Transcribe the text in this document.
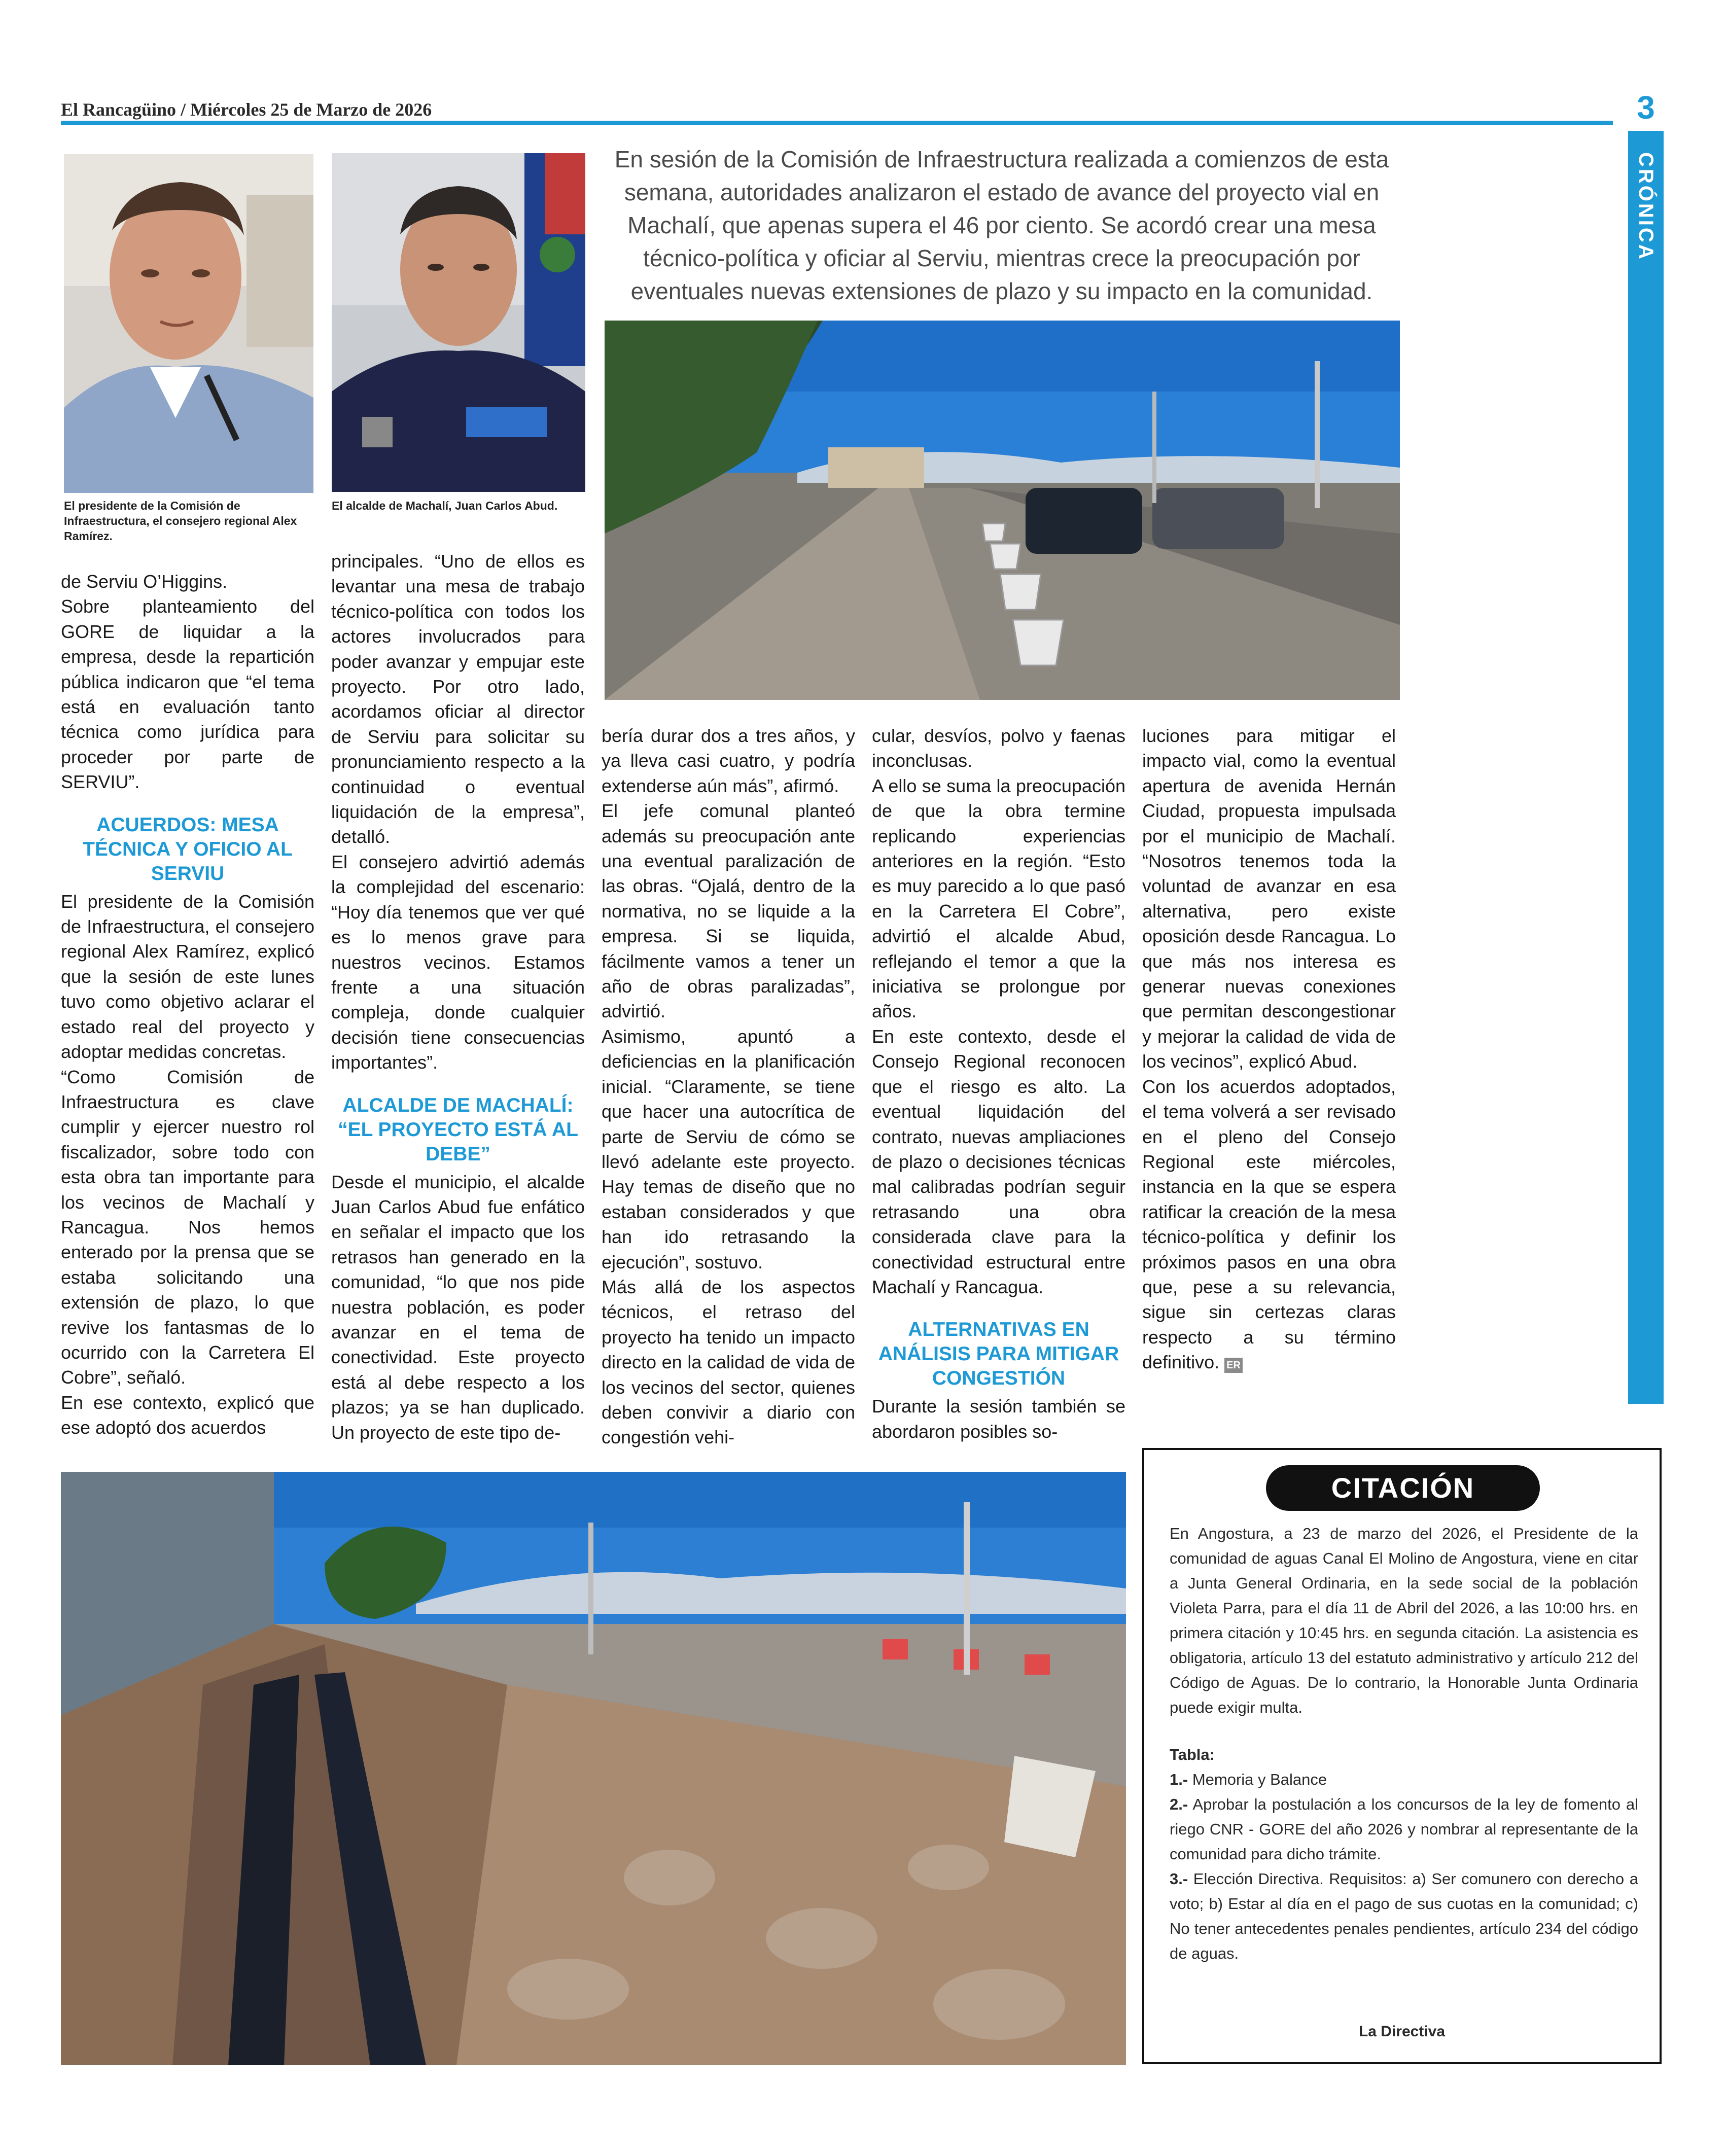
El Rancagüino / Miércoles 25 de Marzo de 2026	3
CRÓNICA
El presidente de la Comisión de Infraestructura, el consejero regional Alex Ramírez.
El alcalde de Machalí, Juan Carlos Abud.
En sesión de la Comisión de Infraestructura realizada a comienzos de esta semana, autoridades analizaron el estado de avance del proyecto vial en Machalí, que apenas supera el 46 por ciento. Se acordó crear una mesa técnico-política y oficiar al Serviu, mientras crece la preocupación por eventuales nuevas extensiones de plazo y su impacto en la comunidad.

de Serviu O’Higgins.

Sobre planteamiento del GORE de liquidar a la empresa, desde la repartición pública indicaron que “el tema está en evaluación tanto técnica como jurídica para proceder por parte de SERVIU”.

ACUERDOS: MESA TÉCNICA Y OFICIO AL SERVIU

El presidente de la Comisión de Infraestructura, el consejero regional Alex Ramírez, explicó que la sesión de este lunes tuvo como objetivo aclarar el estado real del proyecto y adoptar medidas concretas.

“Como Comisión de Infraestructura es clave cumplir y ejercer nuestro rol fiscalizador, sobre todo con esta obra tan importante para los vecinos de Machalí y Rancagua. Nos hemos enterado por la prensa que se estaba solicitando una extensión de plazo, lo que revive los fantasmas de lo ocurrido con la Carretera El Cobre”, señaló.

En ese contexto, explicó que ese adoptó dos acuerdos

principales. “Uno de ellos es levantar una mesa de trabajo técnico-política con todos los actores involucrados para poder avanzar y empujar este proyecto. Por otro lado, acordamos oficiar al director de Serviu para solicitar su pronunciamiento respecto a la continuidad o eventual liquidación de la empresa”, detalló.

El consejero advirtió además la complejidad del escenario: “Hoy día tenemos que ver qué es lo menos grave para nuestros vecinos. Estamos frente a una situación compleja, donde cualquier decisión tiene consecuencias importantes”.

ALCALDE DE MACHALÍ: “EL PROYECTO ESTÁ AL DEBE”

Desde el municipio, el alcalde Juan Carlos Abud fue enfático en señalar el impacto que los retrasos han generado en la comunidad, “lo que nos pide nuestra población, es poder avanzar en el tema de conectividad. Este proyecto está al debe respecto a los plazos; ya se han duplicado. Un proyecto de este tipo de-

bería durar dos a tres años, y ya lleva casi cuatro, y podría extenderse aún más”, afirmó.

El jefe comunal planteó además su preocupación ante una eventual paralización de las obras. “Ojalá, dentro de la normativa, no se liquide a la empresa. Si se liquida, fácilmente vamos a tener un año de obras paralizadas”, advirtió.

Asimismo, apuntó a deficiencias en la planificación inicial. “Claramente, se tiene que hacer una autocrítica de parte de Serviu de cómo se llevó adelante este proyecto. Hay temas de diseño que no estaban considerados y que han ido retrasando la ejecución”, sostuvo.

Más allá de los aspectos técnicos, el retraso del proyecto ha tenido un impacto directo en la calidad de vida de los vecinos del sector, quienes deben convivir a diario con congestión vehi-

cular, desvíos, polvo y faenas inconclusas.

A ello se suma la preocupación de que la obra termine replicando experiencias anteriores en la región. “Esto es muy parecido a lo que pasó en la Carretera El Cobre”, advirtió el alcalde Abud, reflejando el temor a que la iniciativa se prolongue por años.

En este contexto, desde el Consejo Regional reconocen que el riesgo es alto. La eventual liquidación del contrato, nuevas ampliaciones de plazo o decisiones técnicas mal calibradas podrían seguir retrasando una obra considerada clave para la conectividad estructural entre Machalí y Rancagua.

ALTERNATIVAS EN ANÁLISIS PARA MITIGAR CONGESTIÓN

Durante la sesión también se abordaron posibles so-

luciones para mitigar el impacto vial, como la eventual apertura de avenida Hernán Ciudad, propuesta impulsada por el municipio de Machalí. “Nosotros tenemos toda la voluntad de avanzar en esa alternativa, pero existe oposición desde Rancagua. Lo que más nos interesa es generar nuevas conexiones que permitan descongestionar y mejorar la calidad de vida de los vecinos”, explicó Abud.

Con los acuerdos adoptados, el tema volverá a ser revisado en el pleno del Consejo Regional este miércoles, instancia en la que se espera ratificar la creación de la mesa técnico-política y definir los próximos pasos en una obra que, pese a su relevancia, sigue sin certezas claras respecto a su término definitivo. ER

CITACIÓN

En Angostura, a 23 de marzo del 2026, el Presidente de la comunidad de aguas Canal El Molino de Angostura, viene en citar a Junta General Ordinaria, en la sede social de la población Violeta Parra, para el día 11 de Abril del 2026, a las 10:00 hrs. en primera citación y 10:45 hrs. en segunda citación. La asistencia es obligatoria, artículo 13 del estatuto administrativo y artículo 212 del Código de Aguas. De lo contrario, la Honorable Junta Ordinaria puede exigir multa.

Tabla:

1.- Memoria y Balance

2.- Aprobar la postulación a los concursos de la ley de fomento al riego CNR - GORE del año 2026 y nombrar al representante de la comunidad para dicho trámite.

3.- Elección Directiva. Requisitos: a) Ser comunero con derecho a voto; b) Estar al día en el pago de sus cuotas en la comunidad; c) No tener antecedentes penales pendientes, artículo 234 del código de aguas.

La Directiva
